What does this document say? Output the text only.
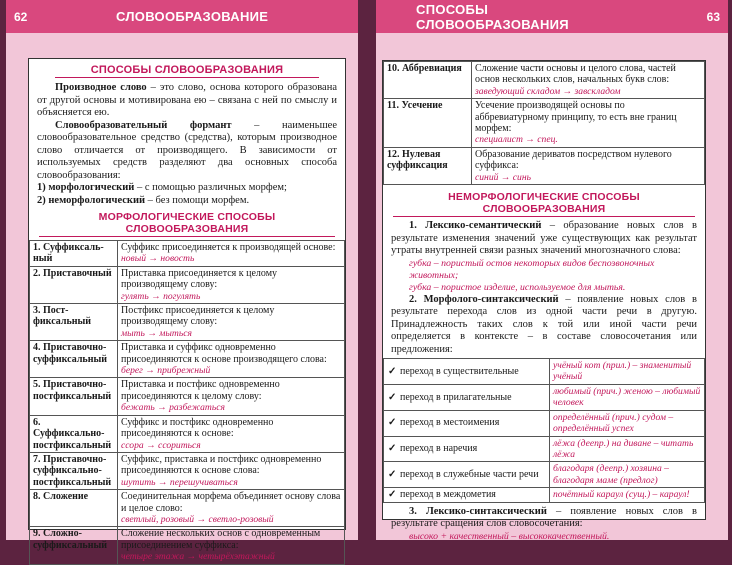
62	СЛОВООБРАЗОВАНИЕ
СПОСОБЫ СЛОВООБРАЗОВАНИЯ

Производное слово – это слово, основа которого образована от другой основы и мотивирована ею – связана с ней по смыслу и объясняется ею.

Словообразовательный формант – наименьшее словообразовательное средство (средства), которым производное слово отличается от производящего. В зависимости от используемых средств разделяют два основных способа словообразования:

1) морфологический – с помощью различных морфем;

2) неморфологический – без помощи морфем.

МОРФОЛОГИЧЕСКИЕ СПОСОБЫ СЛОВООБРАЗОВАНИЯ
1. Суффиксаль-ный	Суффикс присоединяется к производящей основе:
новый → новость

2. Приставочный	Приставка присоединяется к целому производящему слову:
гулять → погулять

3. Пост-фиксальный	Постфикс присоединяется к целому производящему слову:
мыть → мыться

4. Приставочно-суффиксальный	Приставка и суффикс одновременно присоединяются к основе производящего слова:
берег → прибрежный

5. Приставочно-постфиксальный	Приставка и постфикс одновременно присоединяются к целому слову:
бежать → разбежаться

6. Суффиксально-постфиксальный	Суффикс и постфикс одновременно присоединяются к основе:
ссора → ссориться

7. Приставочно-суффиксально-постфиксальный	Суффикс, приставка и постфикс одновременно присоединяются к основе слова:
шутить → перешучиваться

8. Сложение	Соединительная морфема объединяет основу слова и целое слово:
светлый, розовый → светло-розовый

9. Сложно-суффиксальный	Сложение нескольких основ с одновременным присоединением суффикса:
четыре этажа → четырёхэтажный
СПОСОБЫ СЛОВООБРАЗОВАНИЯ	63
10. Аббревиация	Сложение части основы и целого слова, частей основ нескольких слов, начальных букв слов:
заведующий складом → завскладом

11. Усечение	Усечение производящей основы по аббревиатурному принципу, то есть вне границ морфем:
специалист → спец.

12. Нулевая суффиксация	Образование дериватов посредством нулевого суффикса:
синий → синь
НЕМОРФОЛОГИЧЕСКИЕ СПОСОБЫ СЛОВООБРАЗОВАНИЯ

1. Лексико-семантический – образование новых слов в результате изменения значений уже существующих как результат утраты внутренней связи разных значений многозначного слова:

губка – пористый остов некоторых видов беспозвоночных животных;
губка – пористое изделие, используемое для мытья.

2. Морфолого-синтаксический – появление новых слов в результате перехода слов из одной части речи в другую. Принадлежность таких слов к той или иной части речи определяется в контексте – в составе словосочетания или предложения:

✓ переход в существительные	учёный кот (прил.) – знаменитый учёный
✓ переход в прилагательные	любимый (прич.) женою – любимый человек
✓ переход в местоимения	определённый (прич.) судом – определённый успех
✓ переход в наречия	лёжа (деепр.) на диване – читать лёжа
✓ переход в служебные части речи	благодаря (деепр.) хозяина – благодаря маме (предлог)
✓ переход в междометия	почётный караул (сущ.) – караул!

3. Лексико-синтаксический – появление новых слов в результате сращения слов словосочетания:

высоко + качественный – высококачественный.
